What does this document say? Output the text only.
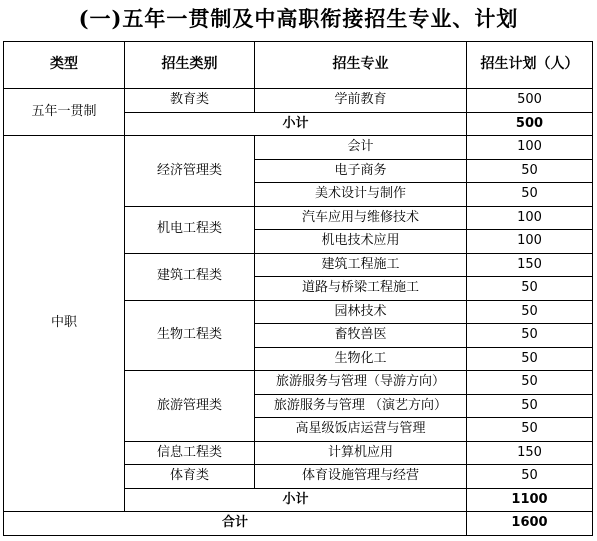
(一)五年一贯制及中高职衔接招生专业、计划
类型	招生类别	招生专业	招生计划（人）
五年一贯制	教育类	学前教育	500
	小计		500
中职	经济管理类	会计	100
		电子商务	50
		美术设计与制作	50
	机电工程类	汽车应用与维修技术	100
		机电技术应用	100
	建筑工程类	建筑工程施工	150
		道路与桥梁工程施工	50
	生物工程类	园林技术	50
		畜牧兽医	50
		生物化工	50
	旅游管理类	旅游服务与管理（导游方向）	50
		旅游服务与管理 （演艺方向）	50
		高星级饭店运营与管理	50
	信息工程类	计算机应用	150
	体育类	体育设施管理与经营	50
	小计		1100
合计			1600
